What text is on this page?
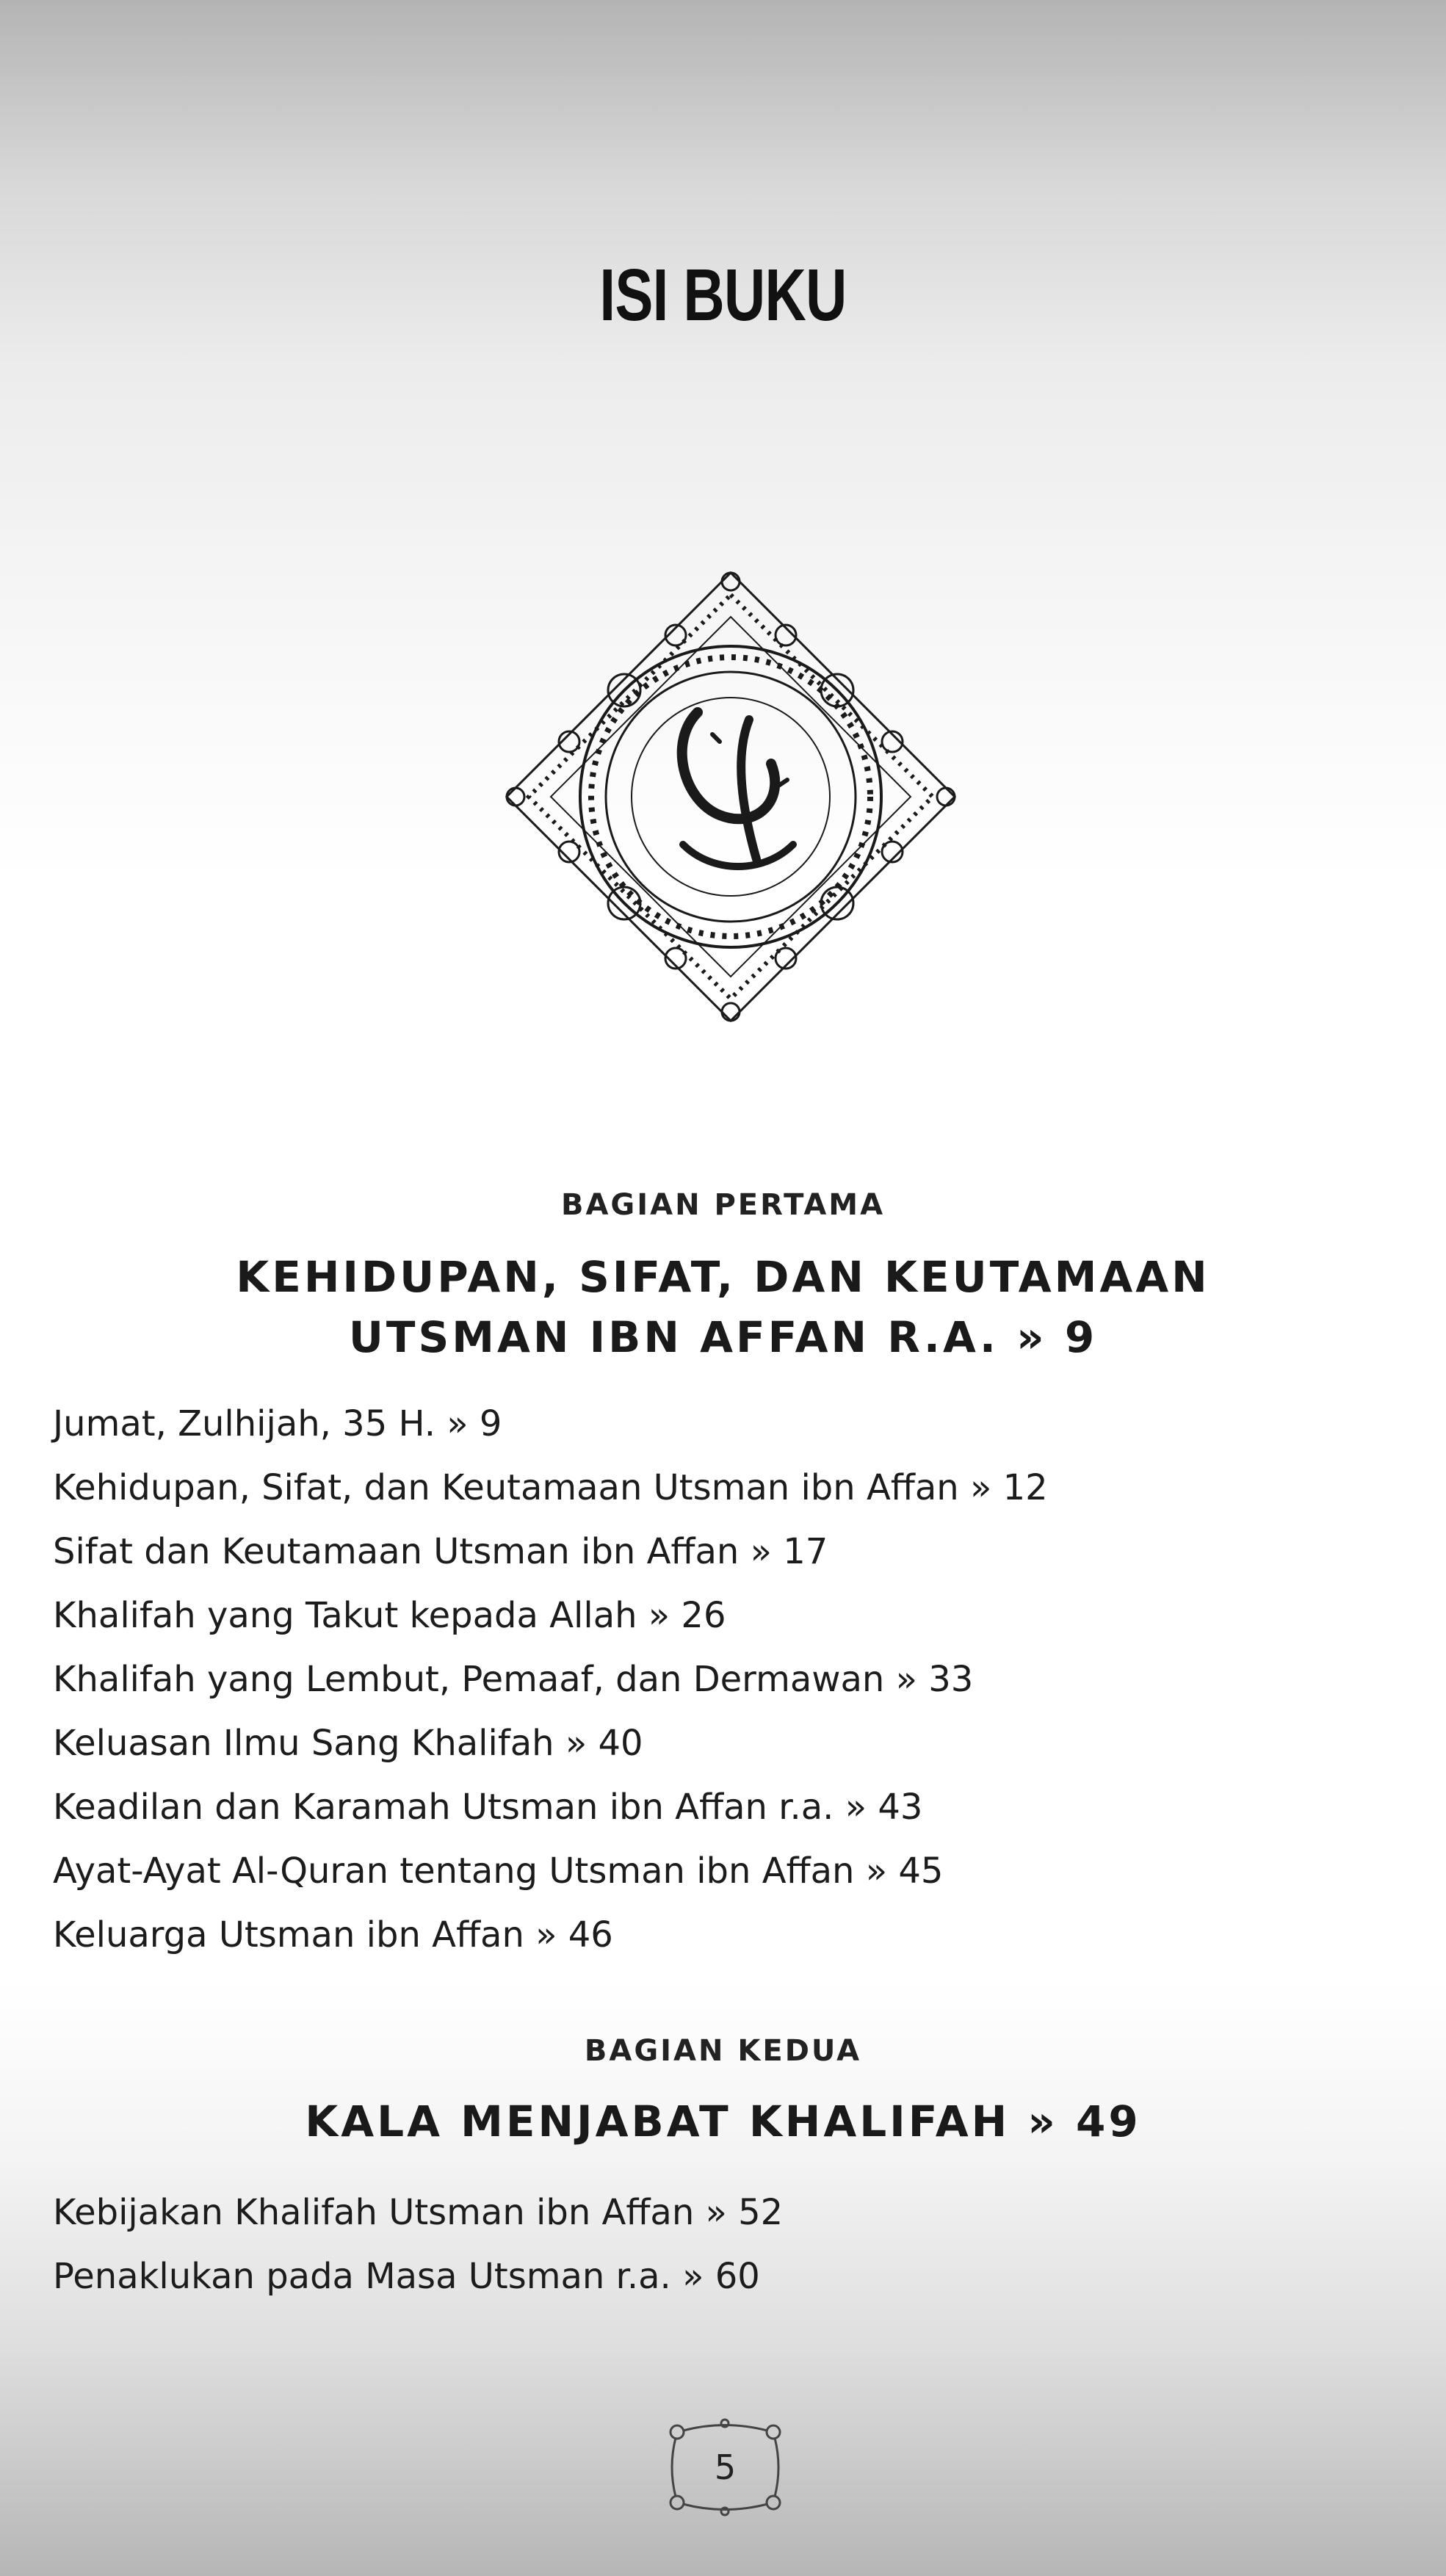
ISI BUKU
BAGIAN PERTAMA
KEHIDUPAN, SIFAT, DAN KEUTAMAAN
UTSMAN IBN AFFAN R.A. » 9
Jumat, Zulhijah, 35 H. » 9
Kehidupan, Sifat, dan Keutamaan Utsman ibn Affan » 12
Sifat dan Keutamaan Utsman ibn Affan » 17
Khalifah yang Takut kepada Allah » 26
Khalifah yang Lembut, Pemaaf, dan Dermawan » 33
Keluasan Ilmu Sang Khalifah » 40
Keadilan dan Karamah Utsman ibn Affan r.a. » 43
Ayat-Ayat Al-Quran tentang Utsman ibn Affan » 45
Keluarga Utsman ibn Affan » 46
BAGIAN KEDUA
KALA MENJABAT KHALIFAH » 49
Kebijakan Khalifah Utsman ibn Affan » 52
Penaklukan pada Masa Utsman r.a. » 60
5
